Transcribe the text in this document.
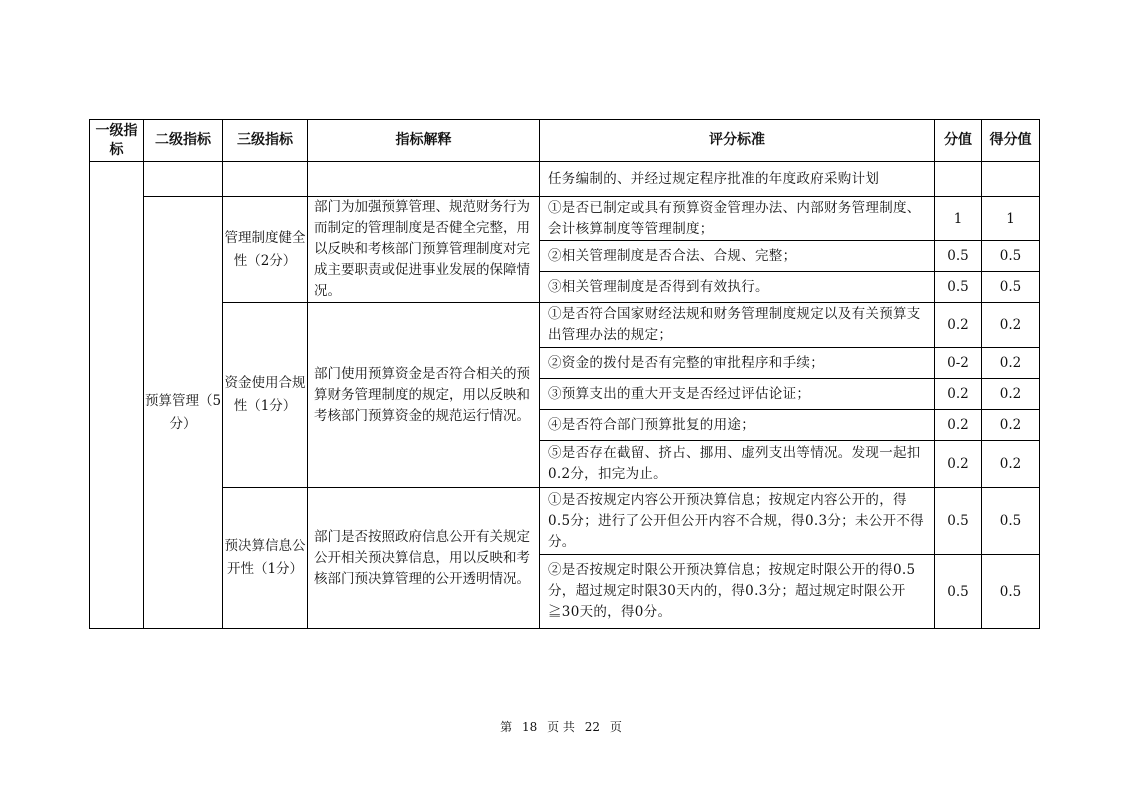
一级指标	二级指标	三级指标	指标解释	评分标准	分值	得分值
				任务编制的、并经过规定程序批准的年度政府采购计划		
	预算管理（5分）	管理制度健全性（2分）	部门为加强预算管理、规范财务行为而制定的管理制度是否健全完整，用以反映和考核部门预算管理制度对完成主要职责或促进事业发展的保障情况。	①是否已制定或具有预算资金管理办法、内部财务管理制度、会计核算制度等管理制度；	1	1
				②相关管理制度是否合法、合规、完整；	0.5	0.5
				③相关管理制度是否得到有效执行。	0.5	0.5
		资金使用合规性（1分）	部门使用预算资金是否符合相关的预算财务管理制度的规定，用以反映和考核部门预算资金的规范运行情况。	①是否符合国家财经法规和财务管理制度规定以及有关预算支出管理办法的规定；	0.2	0.2
				②资金的拨付是否有完整的审批程序和手续；	0-2	0.2
				③预算支出的重大开支是否经过评估论证；	0.2	0.2
				④是否符合部门预算批复的用途；	0.2	0.2
				⑤是否存在截留、挤占、挪用、虚列支出等情况。发现一起扣0.2分，扣完为止。	0.2	0.2
		预决算信息公开性（1分）	部门是否按照政府信息公开有关规定公开相关预决算信息，用以反映和考核部门预决算管理的公开透明情况。	①是否按规定内容公开预决算信息；按规定内容公开的，得0.5分；进行了公开但公开内容不合规，得0.3分；未公开不得分。	0.5	0.5
				②是否按规定时限公开预决算信息；按规定时限公开的得0.5分，超过规定时限30天内的，得0.3分；超过规定时限公开≧30天的，得0分。	0.5	0.5
第 18 页 共 22 页
